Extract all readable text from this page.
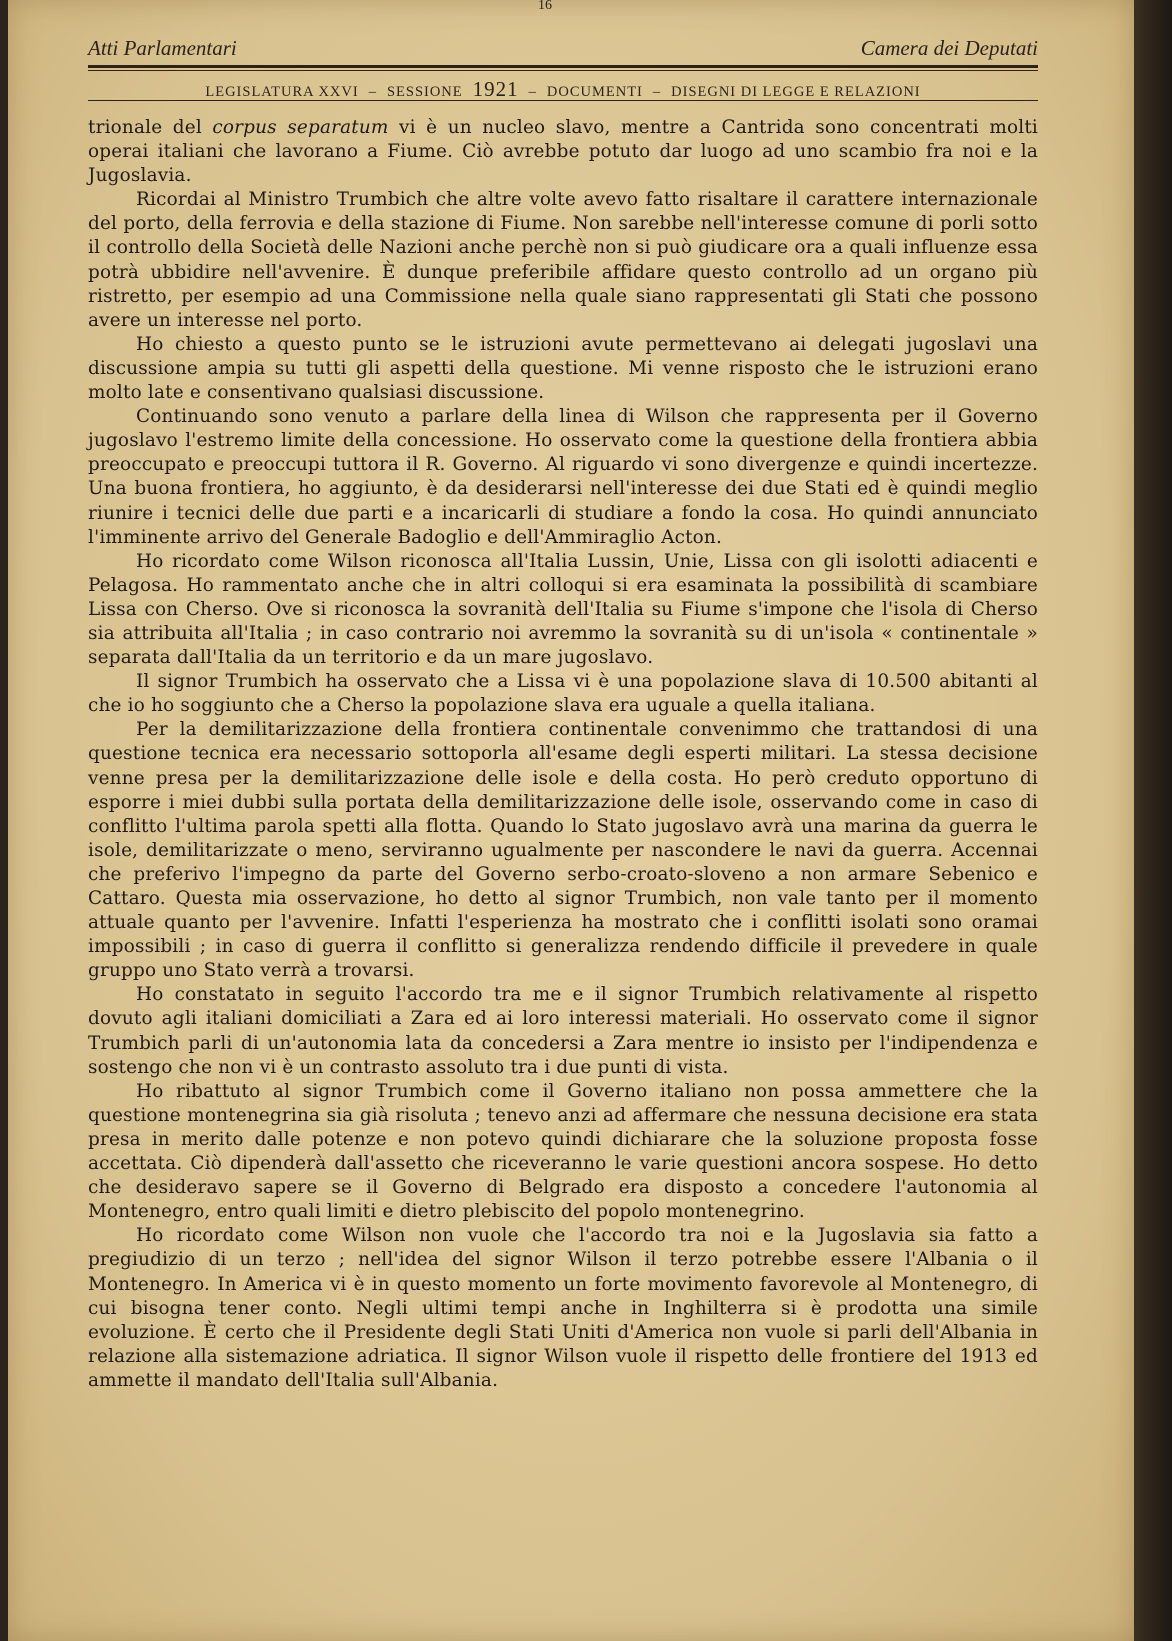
16
Atti Parlamentari	Camera dei Deputati
LEGISLATURA XXVI – SESSIONE 1921 – DOCUMENTI – DISEGNI DI LEGGE E RELAZIONI

trionale del corpus separatum vi è un nucleo slavo, mentre a Cantrida sono concentrati molti operai italiani che lavorano a Fiume. Ciò avrebbe potuto dar luogo ad uno scambio fra noi e la Jugoslavia.

Ricordai al Ministro Trumbich che altre volte avevo fatto risaltare il carattere internazionale del porto, della ferrovia e della stazione di Fiume. Non sarebbe nell'interesse comune di porli sotto il controllo della Società delle Nazioni anche perchè non si può giudicare ora a quali influenze essa potrà ubbidire nell'avvenire. È dunque preferibile affidare questo controllo ad un organo più ristretto, per esempio ad una Commissione nella quale siano rappresentati gli Stati che possono avere un interesse nel porto.

Ho chiesto a questo punto se le istruzioni avute permettevano ai delegati jugoslavi una discussione ampia su tutti gli aspetti della questione. Mi venne risposto che le istruzioni erano molto late e consentivano qualsiasi discussione.

Continuando sono venuto a parlare della linea di Wilson che rappresenta per il Governo jugoslavo l'estremo limite della concessione. Ho osservato come la questione della frontiera abbia preoccupato e preoccupi tuttora il R. Governo. Al riguardo vi sono divergenze e quindi incertezze. Una buona frontiera, ho aggiunto, è da desiderarsi nell'interesse dei due Stati ed è quindi meglio riunire i tecnici delle due parti e a incaricarli di studiare a fondo la cosa. Ho quindi annunciato l'imminente arrivo del Generale Badoglio e dell'Ammiraglio Acton.

Ho ricordato come Wilson riconosca all'Italia Lussin, Unie, Lissa con gli isolotti adiacenti e Pelagosa. Ho rammentato anche che in altri colloqui si era esaminata la possibilità di scambiare Lissa con Cherso. Ove si riconosca la sovranità dell'Italia su Fiume s'impone che l'isola di Cherso sia attribuita all'Italia ; in caso contrario noi avremmo la sovranità su di un'isola « continentale » separata dall'Italia da un territorio e da un mare jugoslavo.

Il signor Trumbich ha osservato che a Lissa vi è una popolazione slava di 10.500 abitanti al che io ho soggiunto che a Cherso la popolazione slava era uguale a quella italiana.

Per la demilitarizzazione della frontiera continentale convenimmo che trattandosi di una questione tecnica era necessario sottoporla all'esame degli esperti militari. La stessa decisione venne presa per la demilitarizzazione delle isole e della costa. Ho però creduto opportuno di esporre i miei dubbi sulla portata della demilitarizzazione delle isole, osservando come in caso di conflitto l'ultima parola spetti alla flotta. Quando lo Stato jugoslavo avrà una marina da guerra le isole, demilitarizzate o meno, serviranno ugualmente per nascondere le navi da guerra. Accennai che preferivo l'impegno da parte del Governo serbo-croato-sloveno a non armare Sebenico e Cattaro. Questa mia osservazione, ho detto al signor Trumbich, non vale tanto per il momento attuale quanto per l'avvenire. Infatti l'esperienza ha mostrato che i conflitti isolati sono oramai impossibili ; in caso di guerra il conflitto si generalizza rendendo difficile il prevedere in quale gruppo uno Stato verrà a trovarsi.

Ho constatato in seguito l'accordo tra me e il signor Trumbich relativamente al rispetto dovuto agli italiani domiciliati a Zara ed ai loro interessi materiali. Ho osservato come il signor Trumbich parli di un'autonomia lata da concedersi a Zara mentre io insisto per l'indipendenza e sostengo che non vi è un contrasto assoluto tra i due punti di vista.

Ho ribattuto al signor Trumbich come il Governo italiano non possa ammettere che la questione montenegrina sia già risoluta ; tenevo anzi ad affermare che nessuna decisione era stata presa in merito dalle potenze e non potevo quindi dichiarare che la soluzione proposta fosse accettata. Ciò dipenderà dall'assetto che riceveranno le varie questioni ancora sospese. Ho detto che desideravo sapere se il Governo di Belgrado era disposto a concedere l'autonomia al Montenegro, entro quali limiti e dietro plebiscito del popolo montenegrino.

Ho ricordato come Wilson non vuole che l'accordo tra noi e la Jugoslavia sia fatto a pregiudizio di un terzo ; nell'idea del signor Wilson il terzo potrebbe essere l'Albania o il Montenegro. In America vi è in questo momento un forte movimento favorevole al Montenegro, di cui bisogna tener conto. Negli ultimi tempi anche in Inghilterra si è prodotta una simile evoluzione. È certo che il Presidente degli Stati Uniti d'America non vuole si parli dell'Albania in relazione alla sistemazione adriatica. Il signor Wilson vuole il rispetto delle frontiere del 1913 ed ammette il mandato dell'Italia sull'Albania.
